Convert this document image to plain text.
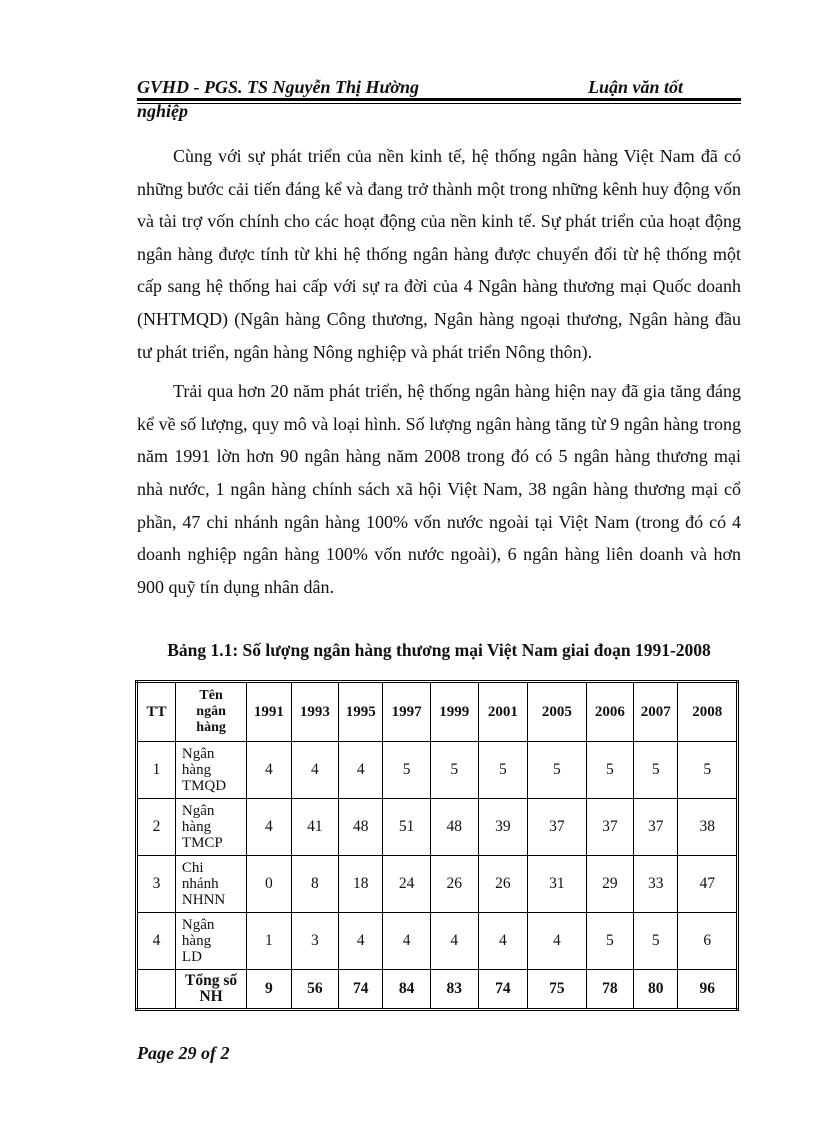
GVHD - PGS. TS Nguyễn Thị Hường	Luận văn tốt
nghiệp

Cùng với sự phát triển của nền kinh tế, hệ thống ngân hàng Việt Nam đã có những bước cải tiến đáng kể và đang trở thành một trong những kênh huy động vốn và tài trợ vốn chính cho các hoạt động của nền kinh tế. Sự phát triển của hoạt động ngân hàng được tính từ khi hệ thống ngân hàng được chuyển đổi từ hệ thống một cấp sang hệ thống hai cấp với sự ra đời của 4 Ngân hàng thương mại Quốc doanh (NHTMQD) (Ngân hàng Công thương, Ngân hàng ngoại thương, Ngân hàng đầu tư phát triển, ngân hàng Nông nghiệp và phát triển Nông thôn).

Trải qua hơn 20 năm phát triển, hệ thống ngân hàng hiện nay đã gia tăng đáng kể về số lượng, quy mô và loại hình. Số lượng ngân hàng tăng từ 9 ngân hàng trong năm 1991 lờn hơn 90 ngân hàng năm 2008 trong đó có 5 ngân hàng thương mại nhà nước, 1 ngân hàng chính sách xã hội Việt Nam, 38 ngân hàng thương mại cổ phần, 47 chi nhánh ngân hàng 100% vốn nước ngoài tại Việt Nam (trong đó có 4 doanh nghiệp ngân hàng 100% vốn nước ngoài), 6 ngân hàng liên doanh và hơn 900 quỹ tín dụng nhân dân.

Bảng 1.1: Số lượng ngân hàng thương mại Việt Nam giai đoạn 1991-2008
TT	Tên
ngân
hàng	1991	1993	1995	1997	1999	2001	2005	2006	2007	2008
1	Ngân
hàng
TMQD	4	4	4	5	5	5	5	5	5	5
2	Ngân
hàng
TMCP	4	41	48	51	48	39	37	37	37	38
3	Chi
nhánh
NHNN	0	8	18	24	26	26	31	29	33	47
4	Ngân
hàng
LD	1	3	4	4	4	4	4	5	5	6

	Tổng số
NH	9	56	74	84	83	74	75	78	80	96
Page 29 of 2
